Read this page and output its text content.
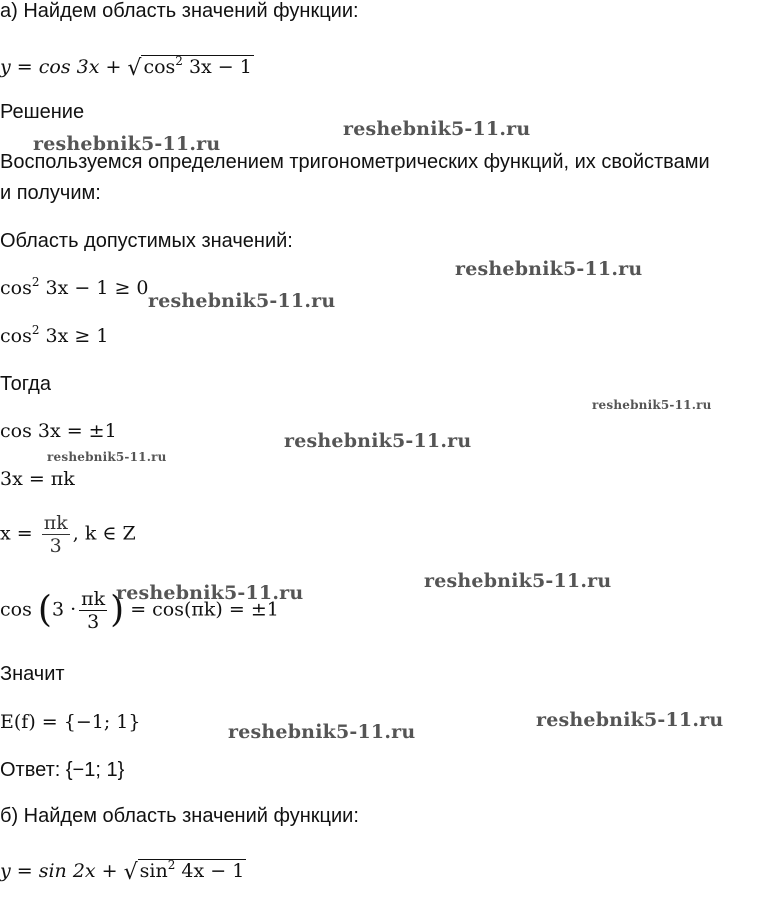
а) Найдем область значений функции:
y = cos 3x + √ $\cos^2 3x - 1$
Решение
Воспользуемся определением тригонометрических функций, их свойствами
и получим:
Область допустимых значений:
$\cos^2 3x - 1 \ge 0$
$\cos^2 3x \ge 1$
Тогда
cos 3x = ±1
3x = πk
$x = \frac{\pi k}{3}$ , k ∈ Z
$\cos (3 \cdot \frac{\pi k}{3}$ ) = cos(πk) = ±1
Значит
E(f) = {−1; 1}
Ответ: {−1; 1}
б) Найдем область значений функции:
y = sin 2x + √ $\sin^2 4x - 1$
reshebnik5-11.ru
reshebnik5-11.ru
reshebnik5-11.ru
reshebnik5-11.ru
reshebnik5-11.ru
reshebnik5-11.ru
reshebnik5-11.ru
reshebnik5-11.ru
reshebnik5-11.ru
reshebnik5-11.ru
reshebnik5-11.ru
